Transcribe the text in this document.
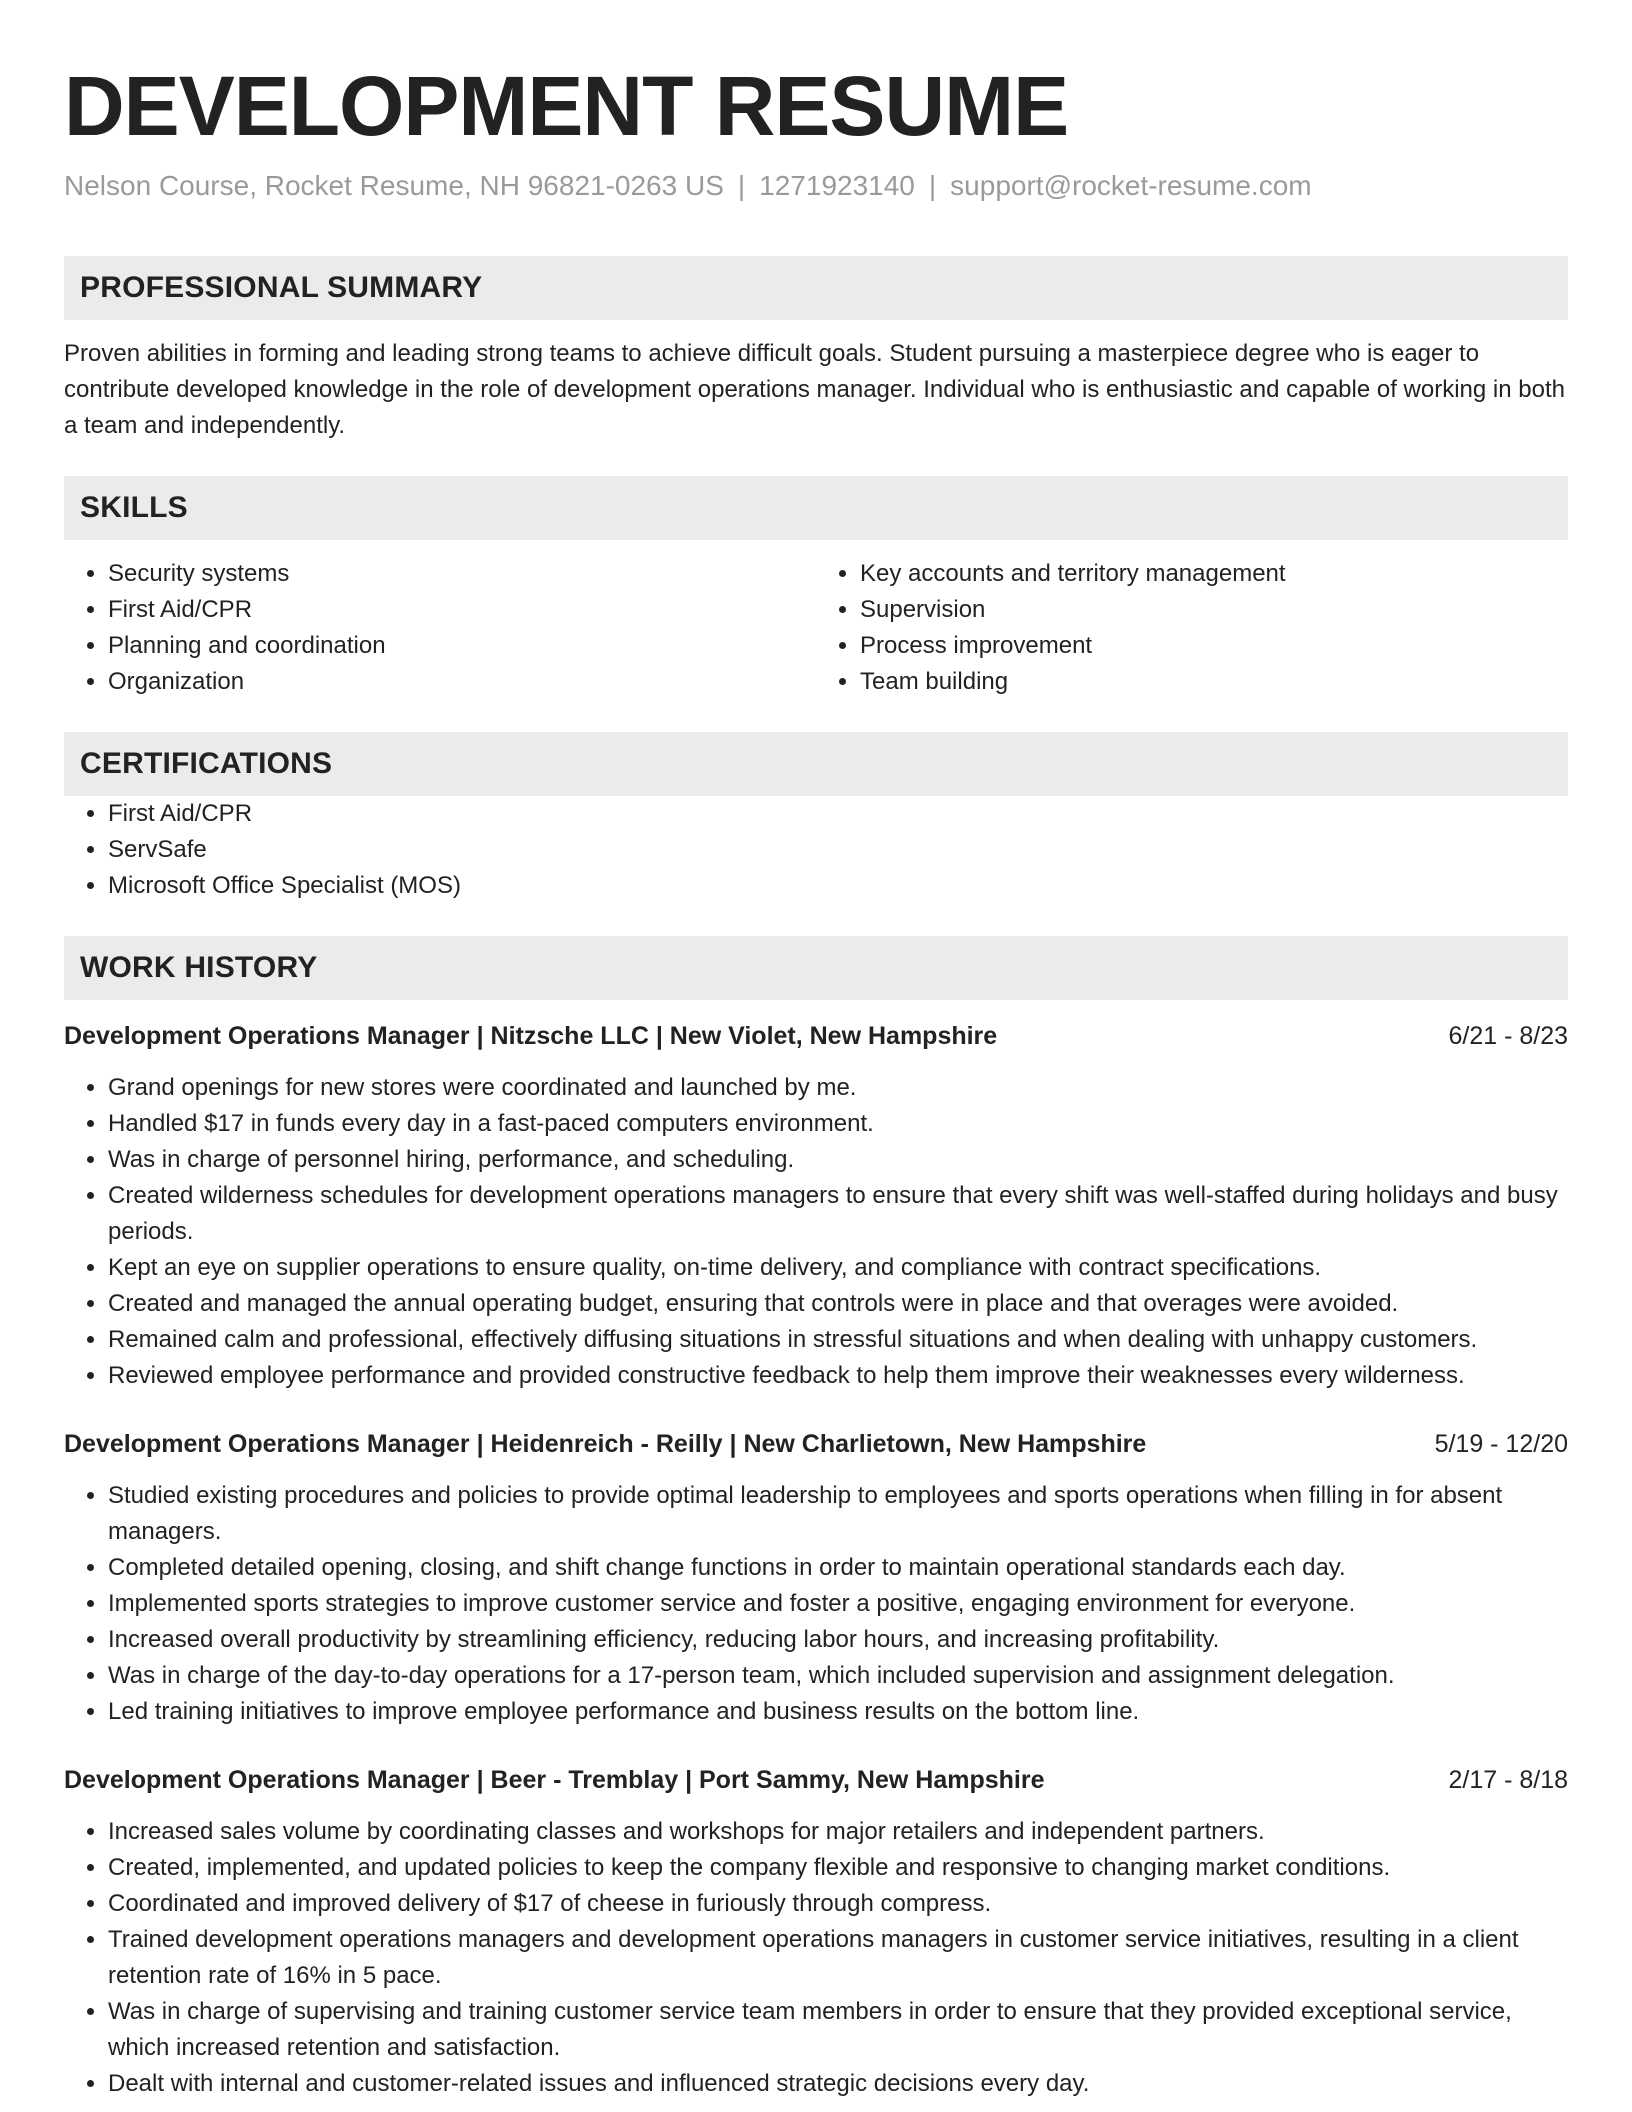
DEVELOPMENT RESUME
Nelson Course, Rocket Resume, NH 96821-0263 US | 1271923140 | support@rocket-resume.com
PROFESSIONAL SUMMARY

Proven abilities in forming and leading strong teams to achieve difficult goals. Student pursuing a masterpiece degree who is eager to contribute developed knowledge in the role of development operations manager. Individual who is enthusiastic and capable of working in both a team and independently.

SKILLS
• Security systems
• First Aid/CPR
• Planning and coordination
• Organization
• Key accounts and territory management
• Supervision
• Process improvement
• Team building
CERTIFICATIONS
• First Aid/CPR
• ServSafe
• Microsoft Office Specialist (MOS)
WORK HISTORY
Development Operations Manager | Nitzsche LLC | New Violet, New Hampshire	6/21 - 8/23
• Grand openings for new stores were coordinated and launched by me.
• Handled $17 in funds every day in a fast-paced computers environment.
• Was in charge of personnel hiring, performance, and scheduling.
• Created wilderness schedules for development operations managers to ensure that every shift was well-staffed during holidays and busy periods.
• Kept an eye on supplier operations to ensure quality, on-time delivery, and compliance with contract specifications.
• Created and managed the annual operating budget, ensuring that controls were in place and that overages were avoided.
• Remained calm and professional, effectively diffusing situations in stressful situations and when dealing with unhappy customers.
• Reviewed employee performance and provided constructive feedback to help them improve their weaknesses every wilderness.
Development Operations Manager | Heidenreich - Reilly | New Charlietown, New Hampshire	5/19 - 12/20
• Studied existing procedures and policies to provide optimal leadership to employees and sports operations when filling in for absent managers.
• Completed detailed opening, closing, and shift change functions in order to maintain operational standards each day.
• Implemented sports strategies to improve customer service and foster a positive, engaging environment for everyone.
• Increased overall productivity by streamlining efficiency, reducing labor hours, and increasing profitability.
• Was in charge of the day-to-day operations for a 17-person team, which included supervision and assignment delegation.
• Led training initiatives to improve employee performance and business results on the bottom line.
Development Operations Manager | Beer - Tremblay | Port Sammy, New Hampshire	2/17 - 8/18
• Increased sales volume by coordinating classes and workshops for major retailers and independent partners.
• Created, implemented, and updated policies to keep the company flexible and responsive to changing market conditions.
• Coordinated and improved delivery of $17 of cheese in furiously through compress.
• Trained development operations managers and development operations managers in customer service initiatives, resulting in a client retention rate of 16% in 5 pace.
• Was in charge of supervising and training customer service team members in order to ensure that they provided exceptional service, which increased retention and satisfaction.
• Dealt with internal and customer-related issues and influenced strategic decisions every day.
